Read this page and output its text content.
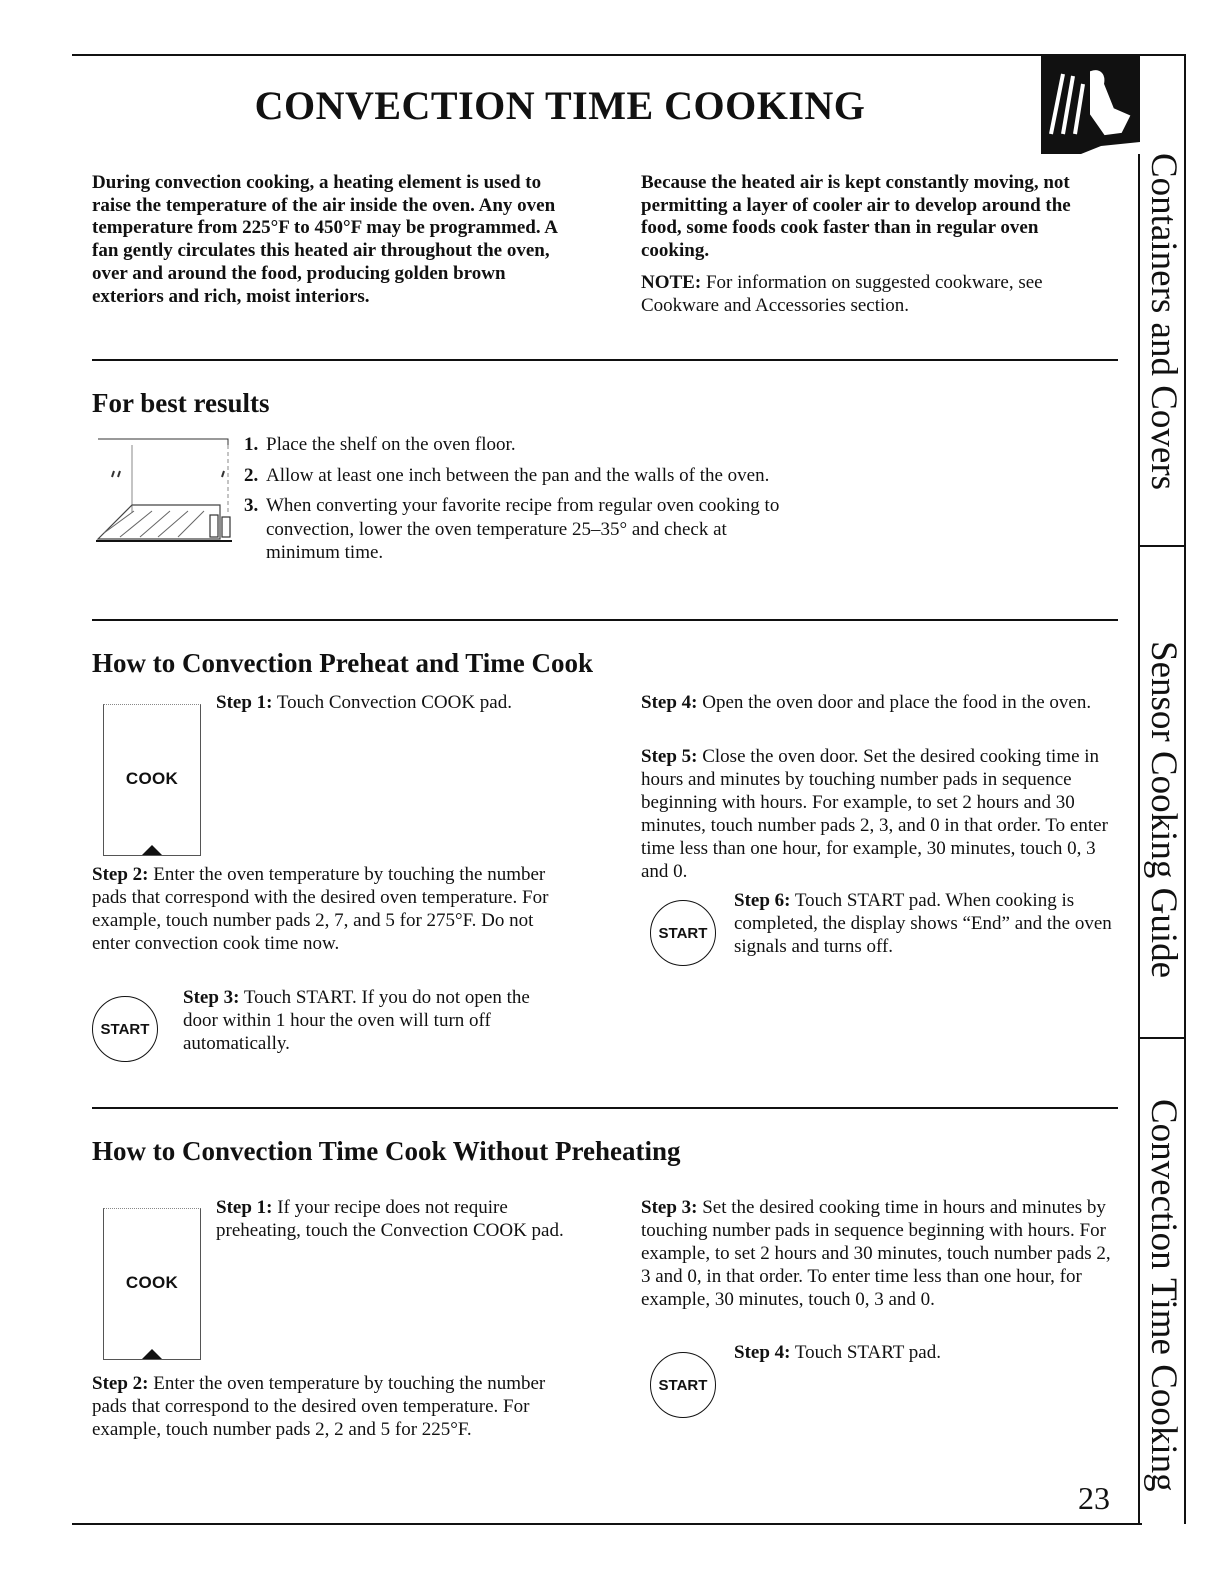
CONVECTION TIME COOKING
During convection cooking, a heating element is used to raise the temperature of the air inside the oven. Any oven temperature from 225°F to 450°F may be programmed. A fan gently circulates this heated air throughout the oven, over and around the food, producing golden brown exteriors and rich, moist interiors.
Because the heated air is kept constantly moving, not permitting a layer of cooler air to develop around the food, some foods cook faster than in regular oven cooking.
NOTE: For information on suggested cookware, see Cookware and Accessories section.
For best results
1. Place the shelf on the oven floor.
2. Allow at least one inch between the pan and the walls of the oven.
3. When converting your favorite recipe from regular oven cooking to convection, lower the oven temperature 25–35° and check at minimum time.
How to Convection Preheat and Time Cook
COOK
Step 1: Touch Convection COOK pad.
Step 2: Enter the oven temperature by touching the number pads that correspond with the desired oven temperature. For example, touch number pads 2, 7, and 5 for 275°F. Do not enter convection cook time now.
START
Step 3: Touch START. If you do not open the door within 1 hour the oven will turn off automatically.
Step 4: Open the oven door and place the food in the oven.
Step 5: Close the oven door. Set the desired cooking time in hours and minutes by touching number pads in sequence beginning with hours. For example, to set 2 hours and 30 minutes, touch number pads 2, 3, and 0 in that order. To enter time less than one hour, for example, 30 minutes, touch 0, 3 and 0.
START
Step 6: Touch START pad. When cooking is completed, the display shows “End” and the oven signals and turns off.
How to Convection Time Cook Without Preheating
COOK
Step 1: If your recipe does not require preheating, touch the Convection COOK pad.
Step 2: Enter the oven temperature by touching the number pads that correspond to the desired oven temperature. For example, touch number pads 2, 2 and 5 for 225°F.
Step 3: Set the desired cooking time in hours and minutes by touching number pads in sequence beginning with hours. For example, to set 2 hours and 30 minutes, touch number pads 2, 3 and 0, in that order. To enter time less than one hour, for example, 30 minutes, touch 0, 3 and 0.
START
Step 4: Touch START pad.
23
Containers and Covers
Sensor Cooking Guide
Convection Time Cooking
